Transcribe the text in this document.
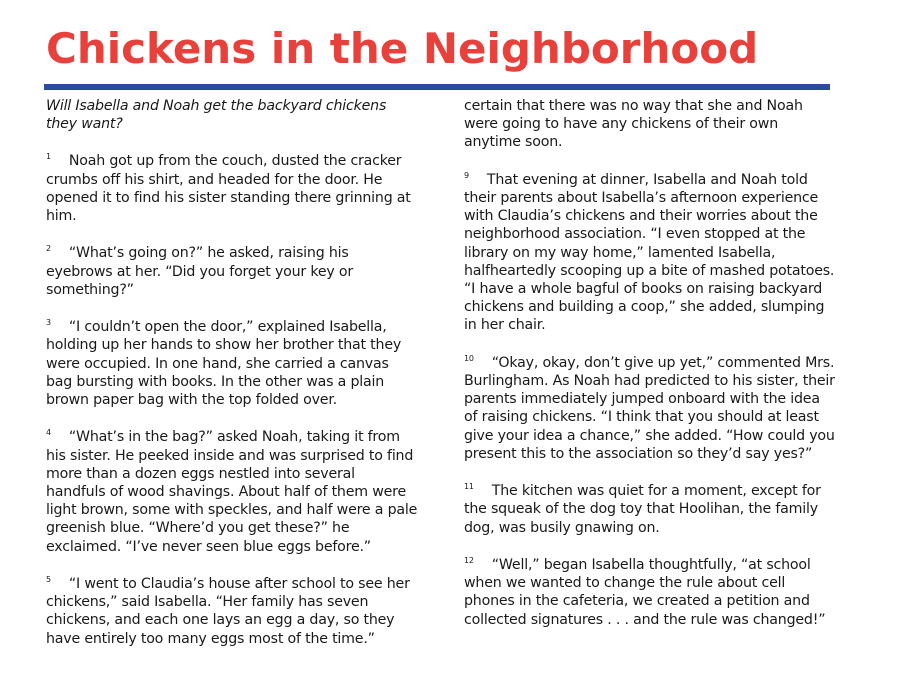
Chickens in the Neighborhood

Will Isabella and Noah get the backyard chickens they want?

$^1$ Noah got up from the couch, dusted the cracker crumbs off his shirt, and headed for the door. He opened it to find his sister standing there grinning at him.

$^2$ “What’s going on?” he asked, raising his eyebrows at her. “Did you forget your key or something?”

$^3$ “I couldn’t open the door,” explained Isabella, holding up her hands to show her brother that they were occupied. In one hand, she carried a canvas bag bursting with books. In the other was a plain brown paper bag with the top folded over.

$^4$ “What’s in the bag?” asked Noah, taking it from his sister. He peeked inside and was surprised to find more than a dozen eggs nestled into several handfuls of wood shavings. About half of them were light brown, some with speckles, and half were a pale greenish blue. “Where’d you get these?” he exclaimed. “I’ve never seen blue eggs before.”

$^5$ “I went to Claudia’s house after school to see her chickens,” said Isabella. “Her family has seven chickens, and each one lays an egg a day, so they have entirely too many eggs most of the time.”

certain that there was no way that she and Noah were going to have any chickens of their own anytime soon.

$^9$ That evening at dinner, Isabella and Noah told their parents about Isabella’s afternoon experience with Claudia’s chickens and their worries about the neighborhood association. “I even stopped at the library on my way home,” lamented Isabella, halfheartedly scooping up a bite of mashed potatoes. “I have a whole bagful of books on raising backyard chickens and building a coop,” she added, slumping in her chair.

$^{10}$ “Okay, okay, don’t give up yet,” commented Mrs. Burlingham. As Noah had predicted to his sister, their parents immediately jumped onboard with the idea of raising chickens. “I think that you should at least give your idea a chance,” she added. “How could you present this to the association so they’d say yes?”

$^{11}$ The kitchen was quiet for a moment, except for the squeak of the dog toy that Hoolihan, the family dog, was busily gnawing on.

$^{12}$ “Well,” began Isabella thoughtfully, “at school when we wanted to change the rule about cell phones in the cafeteria, we created a petition and collected signatures . . . and the rule was changed!”
